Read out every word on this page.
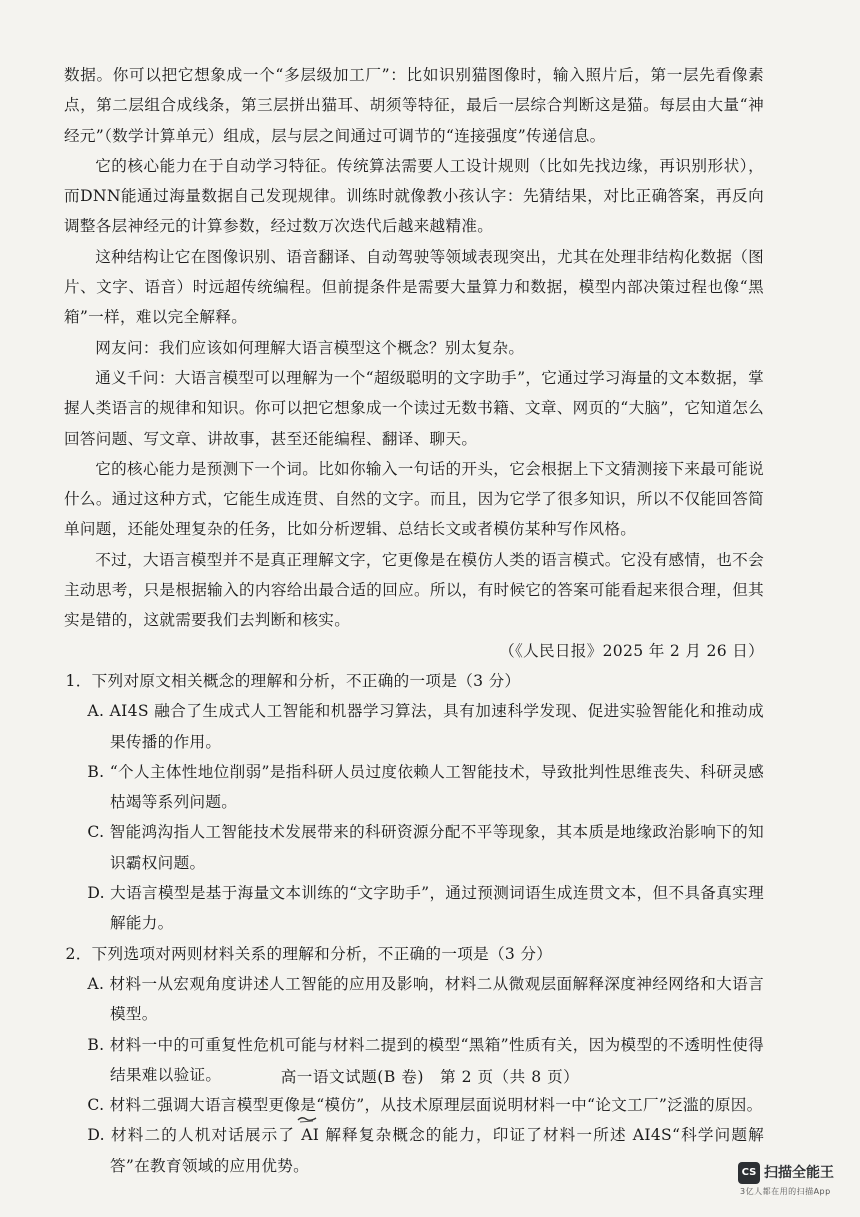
数据。你可以把它想象成一个“多层级加工厂”：比如识别猫图像时，输入照片后，第一层先看像素点，第二层组合成线条，第三层拼出猫耳、胡须等特征，最后一层综合判断这是猫。每层由大量“神经元”（数学计算单元）组成，层与层之间通过可调节的“连接强度”传递信息。

它的核心能力在于自动学习特征。传统算法需要人工设计规则（比如先找边缘，再识别形状），而DNN能通过海量数据自己发现规律。训练时就像教小孩认字：先猜结果，对比正确答案，再反向调整各层神经元的计算参数，经过数万次迭代后越来越精准。

这种结构让它在图像识别、语音翻译、自动驾驶等领域表现突出，尤其在处理非结构化数据（图片、文字、语音）时远超传统编程。但前提条件是需要大量算力和数据，模型内部决策过程也像“黑箱”一样，难以完全解释。

网友问：我们应该如何理解大语言模型这个概念？别太复杂。

通义千问：大语言模型可以理解为一个“超级聪明的文字助手”，它通过学习海量的文本数据，掌握人类语言的规律和知识。你可以把它想象成一个读过无数书籍、文章、网页的“大脑”，它知道怎么回答问题、写文章、讲故事，甚至还能编程、翻译、聊天。

它的核心能力是预测下一个词。比如你输入一句话的开头，它会根据上下文猜测接下来最可能说什么。通过这种方式，它能生成连贯、自然的文字。而且，因为它学了很多知识，所以不仅能回答简单问题，还能处理复杂的任务，比如分析逻辑、总结长文或者模仿某种写作风格。

不过，大语言模型并不是真正理解文字，它更像是在模仿人类的语言模式。它没有感情，也不会主动思考，只是根据输入的内容给出最合适的回应。所以，有时候它的答案可能看起来很合理，但其实是错的，这就需要我们去判断和核实。

（《人民日报》2025 年 2 月 26 日）

1．下列对原文相关概念的理解和分析，不正确的一项是（3 分）

A. AI4S 融合了生成式人工智能和机器学习算法，具有加速科学发现、促进实验智能化和推动成果传播的作用。

B. “个人主体性地位削弱”是指科研人员过度依赖人工智能技术，导致批判性思维丧失、科研灵感枯竭等系列问题。

C. 智能鸿沟指人工智能技术发展带来的科研资源分配不平等现象，其本质是地缘政治影响下的知识霸权问题。

D. 大语言模型是基于海量文本训练的“文字助手”，通过预测词语生成连贯文本，但不具备真实理解能力。

2．下列选项对两则材料关系的理解和分析，不正确的一项是（3 分）

A. 材料一从宏观角度讲述人工智能的应用及影响，材料二从微观层面解释深度神经网络和大语言模型。

B. 材料一中的可重复性危机可能与材料二提到的模型“黑箱”性质有关，因为模型的不透明性使得结果难以验证。

C. 材料二强调大语言模型更像是“模仿”，从技术原理层面说明材料一中“论文工厂”泛滥的原因。

D. 材料二的人机对话展示了 AI 解释复杂概念的能力，印证了材料一所述 AI4S“科学问题解答”在教育领域的应用优势。

高一语文试题(B 卷)　第 2 页（共 8 页）
CS 扫描全能王
3亿人都在用的扫描App
